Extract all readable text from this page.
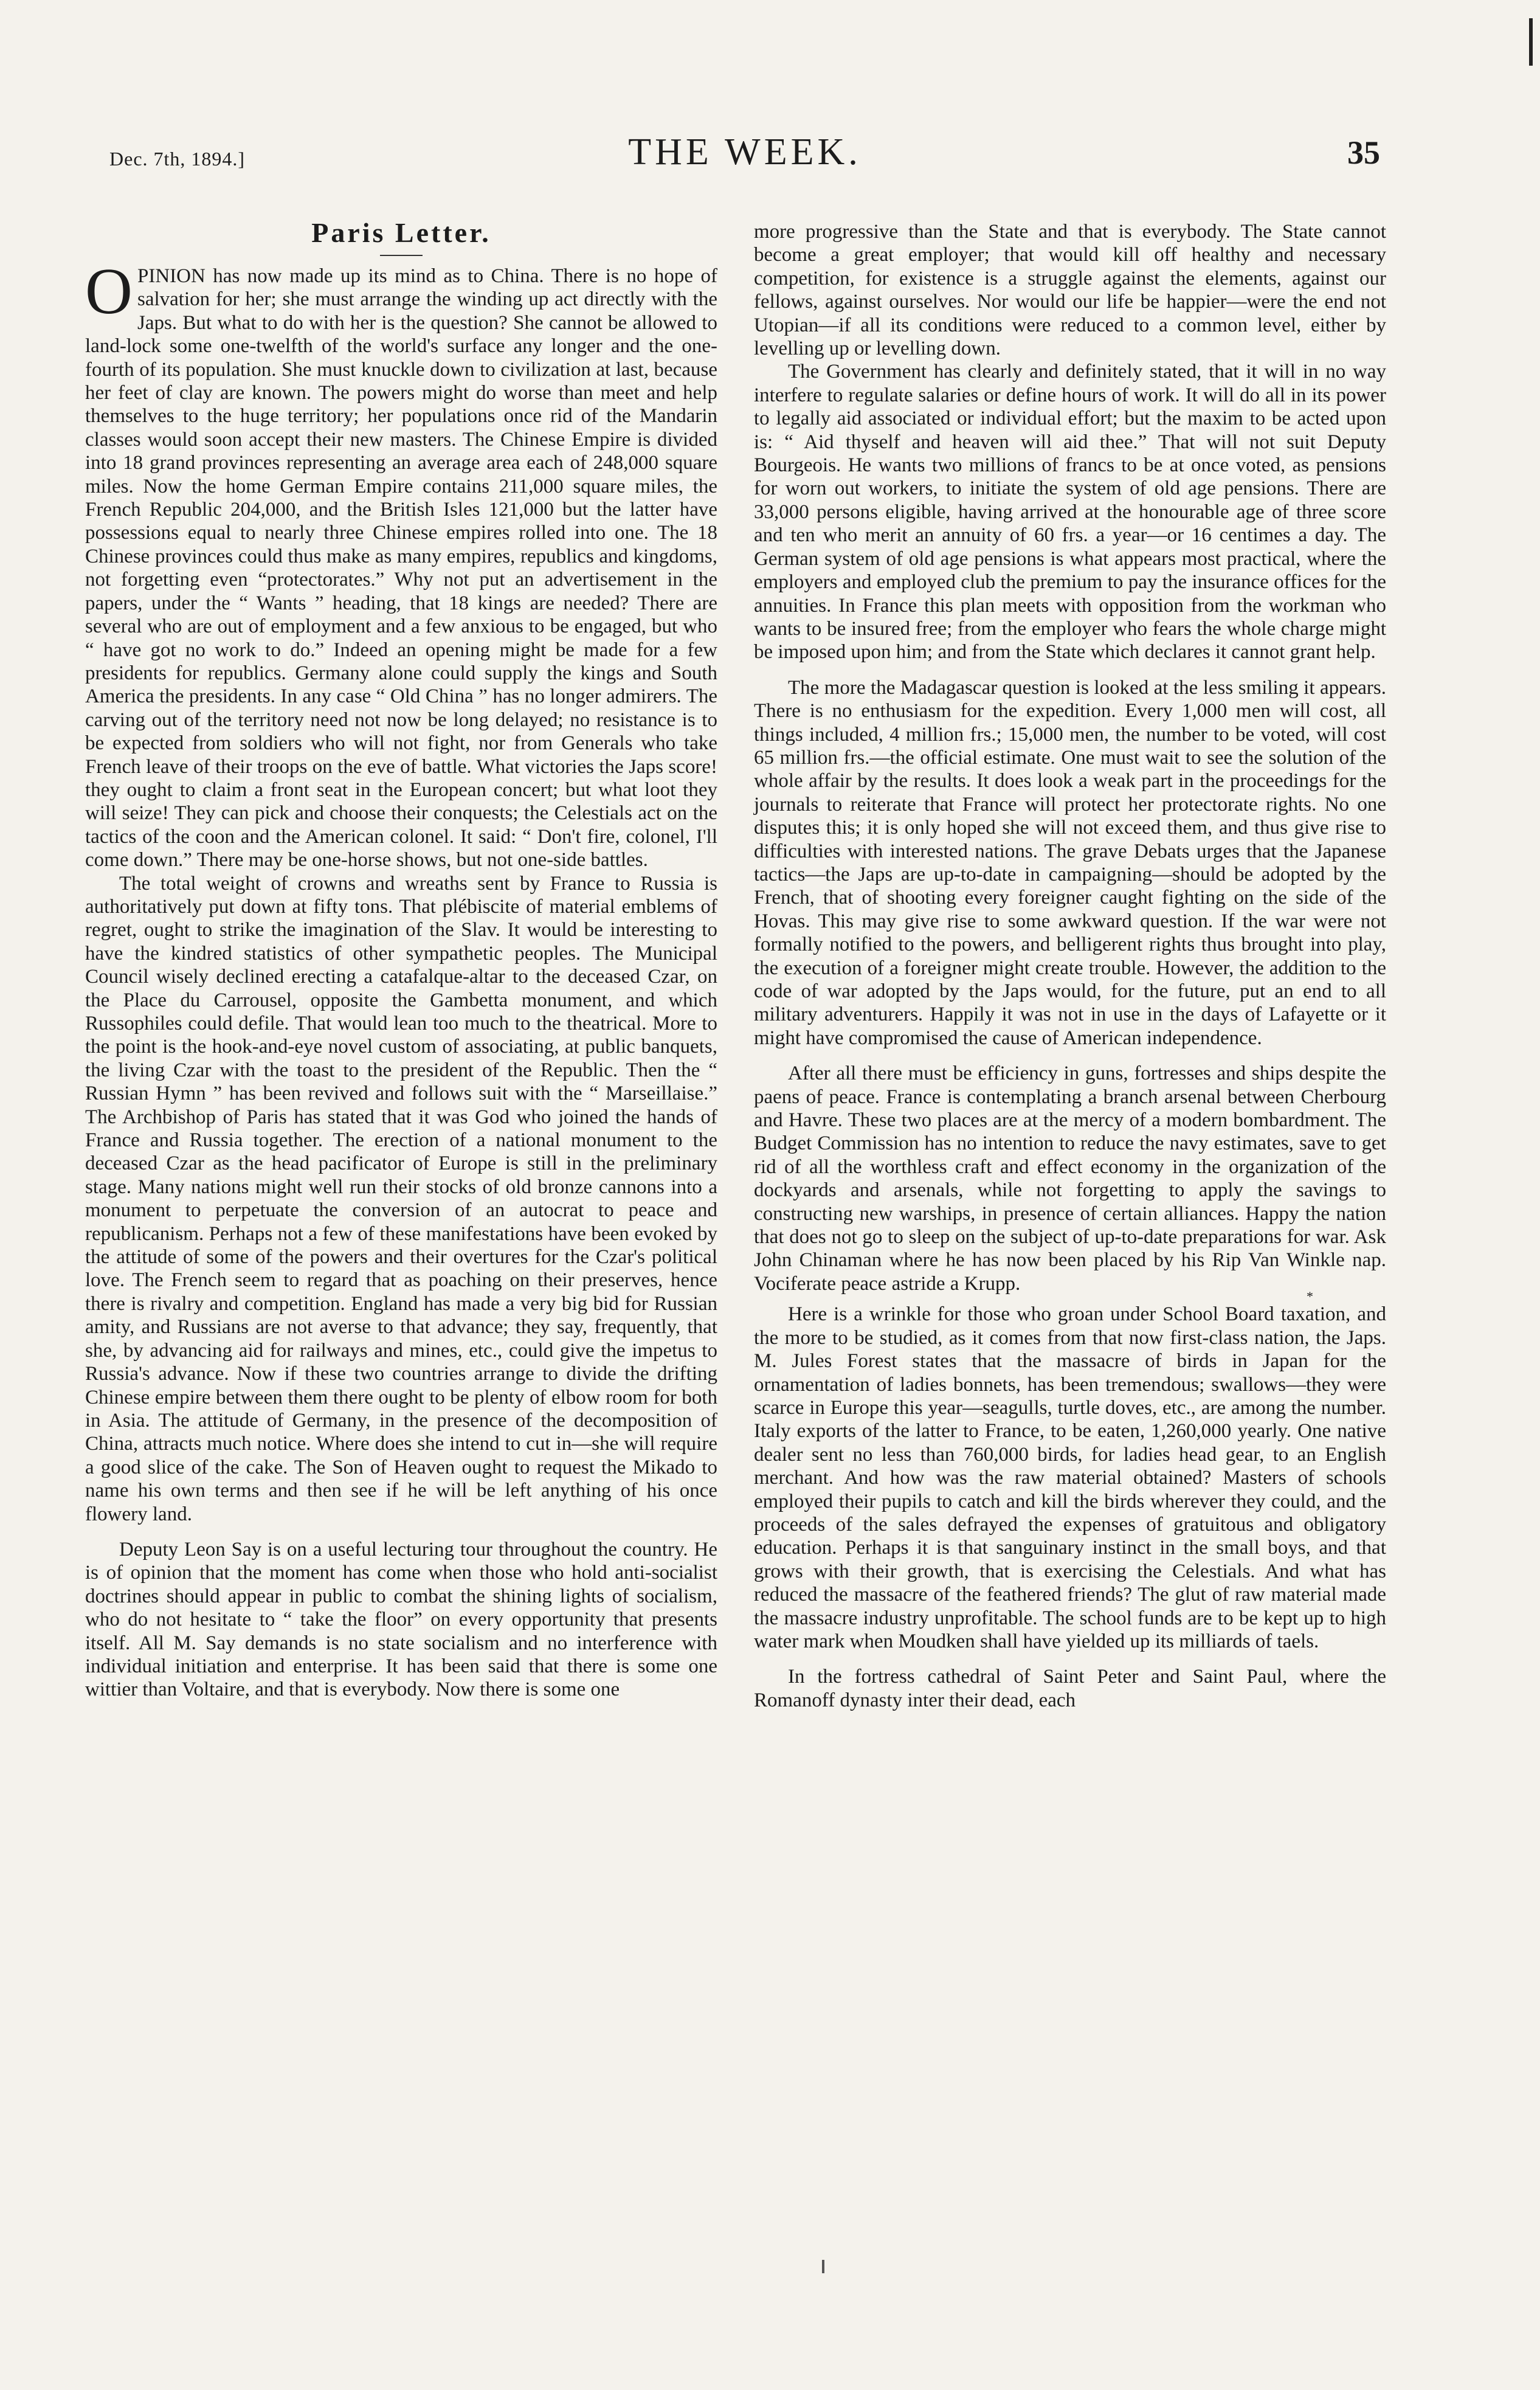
Dec. 7th, 1894.]	THE WEEK.	35
Paris Letter.

OPINION has now made up its mind as to China. There is no hope of salvation for her; she must arrange the winding up act directly with the Japs. But what to do with her is the question? She cannot be allowed to land-lock some one-twelfth of the world's surface any longer and the one-fourth of its population. She must knuckle down to civilization at last, because her feet of clay are known. The powers might do worse than meet and help themselves to the huge territory; her populations once rid of the Mandarin classes would soon accept their new masters. The Chinese Empire is divided into 18 grand provinces representing an average area each of 248,000 square miles. Now the home German Empire contains 211,000 square miles, the French Republic 204,000, and the British Isles 121,000 but the latter have possessions equal to nearly three Chinese empires rolled into one. The 18 Chinese provinces could thus make as many empires, republics and kingdoms, not forgetting even “protectorates.” Why not put an advertisement in the papers, under the “ Wants ” heading, that 18 kings are needed? There are several who are out of employment and a few anxious to be engaged, but who “ have got no work to do.” Indeed an opening might be made for a few presidents for republics. Germany alone could supply the kings and South America the presidents. In any case “ Old China ” has no longer admirers. The carving out of the territory need not now be long delayed; no resistance is to be expected from soldiers who will not fight, nor from Generals who take French leave of their troops on the eve of battle. What victories the Japs score! they ought to claim a front seat in the European concert; but what loot they will seize! They can pick and choose their conquests; the Celestials act on the tactics of the coon and the American colonel. It said: “ Don't fire, colonel, I'll come down.” There may be one-horse shows, but not one-side battles.

The total weight of crowns and wreaths sent by France to Russia is authoritatively put down at fifty tons. That plébiscite of material emblems of regret, ought to strike the imagination of the Slav. It would be interesting to have the kindred statistics of other sympathetic peoples. The Municipal Council wisely declined erecting a catafalque-altar to the deceased Czar, on the Place du Carrousel, opposite the Gambetta monument, and which Russophiles could defile. That would lean too much to the theatrical. More to the point is the hook-and-eye novel custom of associating, at public banquets, the living Czar with the toast to the president of the Republic. Then the “ Russian Hymn ” has been revived and follows suit with the “ Marseillaise.” The Archbishop of Paris has stated that it was God who joined the hands of France and Russia together. The erection of a national monument to the deceased Czar as the head pacificator of Europe is still in the preliminary stage. Many nations might well run their stocks of old bronze cannons into a monument to perpetuate the conversion of an autocrat to peace and republicanism. Perhaps not a few of these manifestations have been evoked by the attitude of some of the powers and their overtures for the Czar's political love. The French seem to regard that as poaching on their preserves, hence there is rivalry and competition. England has made a very big bid for Russian amity, and Russians are not averse to that advance; they say, frequently, that she, by advancing aid for railways and mines, etc., could give the impetus to Russia's advance. Now if these two countries arrange to divide the drifting Chinese empire between them there ought to be plenty of elbow room for both in Asia. The attitude of Germany, in the presence of the decomposition of China, attracts much notice. Where does she intend to cut in—she will require a good slice of the cake. The Son of Heaven ought to request the Mikado to name his own terms and then see if he will be left anything of his once flowery land.

Deputy Leon Say is on a useful lecturing tour throughout the country. He is of opinion that the moment has come when those who hold anti-socialist doctrines should appear in public to combat the shining lights of socialism, who do not hesitate to “ take the floor” on every opportunity that presents itself. All M. Say demands is no state socialism and no interference with individual initiation and enterprise. It has been said that there is some one wittier than Voltaire, and that is everybody. Now there is some one

more progressive than the State and that is everybody. The State cannot become a great employer; that would kill off healthy and necessary competition, for existence is a struggle against the elements, against our fellows, against ourselves. Nor would our life be happier—were the end not Utopian—if all its conditions were reduced to a common level, either by levelling up or levelling down.

The Government has clearly and definitely stated, that it will in no way interfere to regulate salaries or define hours of work. It will do all in its power to legally aid associated or individual effort; but the maxim to be acted upon is: “ Aid thyself and heaven will aid thee.” That will not suit Deputy Bourgeois. He wants two millions of francs to be at once voted, as pensions for worn out workers, to initiate the system of old age pensions. There are 33,000 persons eligible, having arrived at the honourable age of three score and ten who merit an annuity of 60 frs. a year—or 16 centimes a day. The German system of old age pensions is what appears most practical, where the employers and employed club the premium to pay the insurance offices for the annuities. In France this plan meets with opposition from the workman who wants to be insured free; from the employer who fears the whole charge might be imposed upon him; and from the State which declares it cannot grant help.

The more the Madagascar question is looked at the less smiling it appears. There is no enthusiasm for the expedition. Every 1,000 men will cost, all things included, 4 million frs.; 15,000 men, the number to be voted, will cost 65 million frs.—the official estimate. One must wait to see the solution of the whole affair by the results. It does look a weak part in the proceedings for the journals to reiterate that France will protect her protectorate rights. No one disputes this; it is only hoped she will not exceed them, and thus give rise to difficulties with interested nations. The grave Debats urges that the Japanese tactics—the Japs are up-to-date in campaigning—should be adopted by the French, that of shooting every foreigner caught fighting on the side of the Hovas. This may give rise to some awkward question. If the war were not formally notified to the powers, and belligerent rights thus brought into play, the execution of a foreigner might create trouble. However, the addition to the code of war adopted by the Japs would, for the future, put an end to all military adventurers. Happily it was not in use in the days of Lafayette or it might have compromised the cause of American independence.

After all there must be efficiency in guns, fortresses and ships despite the paens of peace. France is contemplating a branch arsenal between Cherbourg and Havre. These two places are at the mercy of a modern bombardment. The Budget Commission has no intention to reduce the navy estimates, save to get rid of all the worthless craft and effect economy in the organization of the dockyards and arsenals, while not forgetting to apply the savings to constructing new warships, in presence of certain alliances. Happy the nation that does not go to sleep on the subject of up-to-date preparations for war. Ask John Chinaman where he has now been placed by his Rip Van Winkle nap. Vociferate peace astride a Krupp.

*

Here is a wrinkle for those who groan under School Board taxation, and the more to be studied, as it comes from that now first-class nation, the Japs. M. Jules Forest states that the massacre of birds in Japan for the ornamentation of ladies bonnets, has been tremendous; swallows—they were scarce in Europe this year—seagulls, turtle doves, etc., are among the number. Italy exports of the latter to France, to be eaten, 1,260,000 yearly. One native dealer sent no less than 760,000 birds, for ladies head gear, to an English merchant. And how was the raw material obtained? Masters of schools employed their pupils to catch and kill the birds wherever they could, and the proceeds of the sales defrayed the expenses of gratuitous and obligatory education. Perhaps it is that sanguinary instinct in the small boys, and that grows with their growth, that is exercising the Celestials. And what has reduced the massacre of the feathered friends? The glut of raw material made the massacre industry unprofitable. The school funds are to be kept up to high water mark when Moudken shall have yielded up its milliards of taels.

In the fortress cathedral of Saint Peter and Saint Paul, where the Romanoff dynasty inter their dead, each
